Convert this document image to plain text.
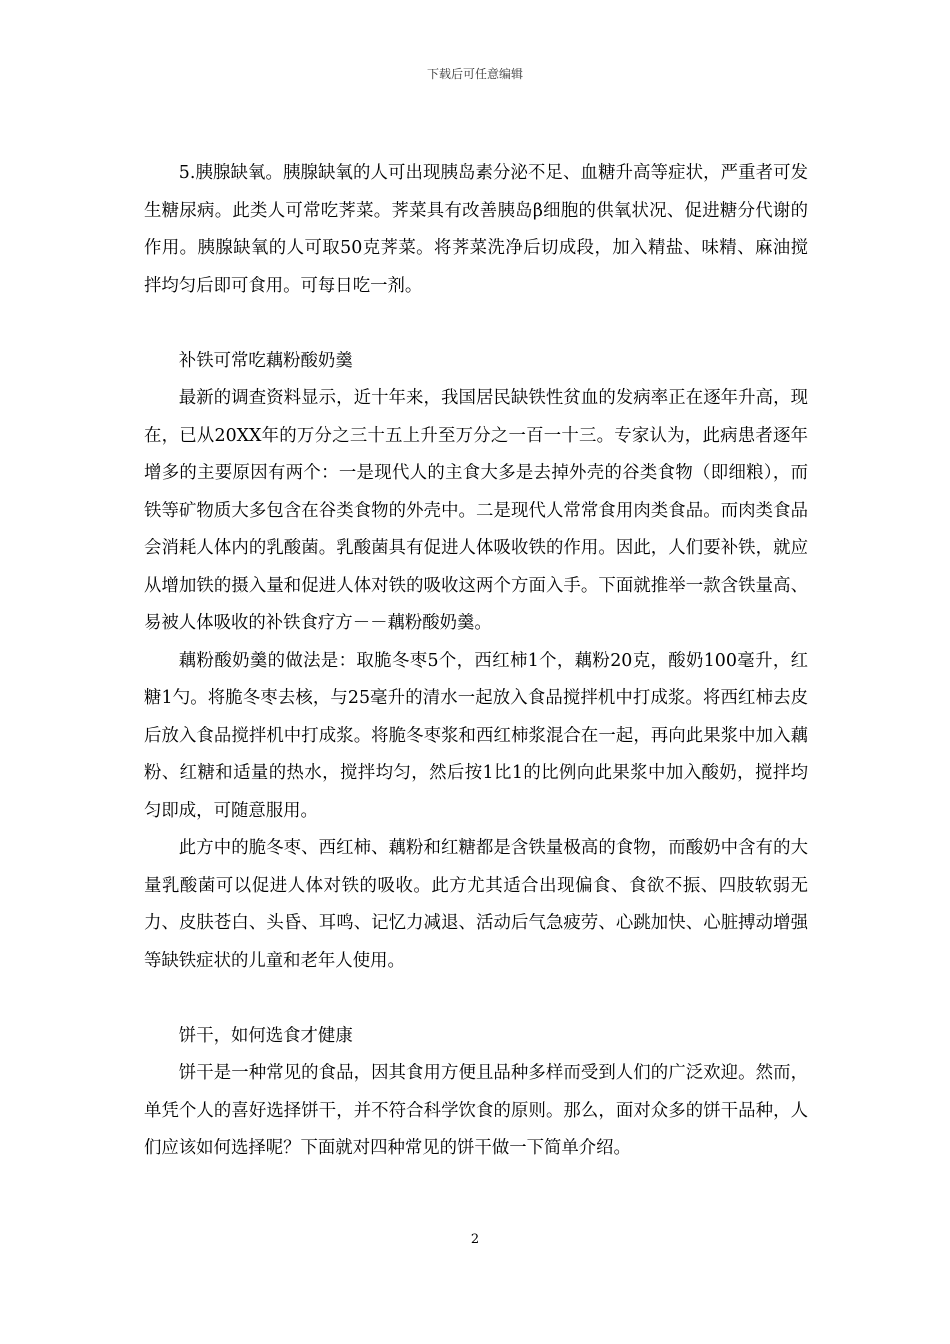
下载后可任意编辑

5.胰腺缺氧。胰腺缺氧的人可出现胰岛素分泌不足、血糖升高等症状，严重者可发生糖尿病。此类人可常吃荠菜。荠菜具有改善胰岛β细胞的供氧状况、促进糖分代谢的作用。胰腺缺氧的人可取50克荠菜。将荠菜洗净后切成段，加入精盐、味精、麻油搅拌均匀后即可食用。可每日吃一剂。

补铁可常吃藕粉酸奶羹

最新的调查资料显示，近十年来，我国居民缺铁性贫血的发病率正在逐年升高，现在，已从20XX年的万分之三十五上升至万分之一百一十三。专家认为，此病患者逐年增多的主要原因有两个：一是现代人的主食大多是去掉外壳的谷类食物（即细粮），而铁等矿物质大多包含在谷类食物的外壳中。二是现代人常常食用肉类食品。而肉类食品会消耗人体内的乳酸菌。乳酸菌具有促进人体吸收铁的作用。因此，人们要补铁，就应从增加铁的摄入量和促进人体对铁的吸收这两个方面入手。下面就推举一款含铁量高、易被人体吸收的补铁食疗方－－藕粉酸奶羹。

藕粉酸奶羹的做法是：取脆冬枣5个，西红柿1个，藕粉20克，酸奶100毫升，红糖1勺。将脆冬枣去核，与25毫升的清水一起放入食品搅拌机中打成浆。将西红柿去皮后放入食品搅拌机中打成浆。将脆冬枣浆和西红柿浆混合在一起，再向此果浆中加入藕粉、红糖和适量的热水，搅拌均匀，然后按1比1的比例向此果浆中加入酸奶，搅拌均匀即成，可随意服用。

此方中的脆冬枣、西红柿、藕粉和红糖都是含铁量极高的食物，而酸奶中含有的大量乳酸菌可以促进人体对铁的吸收。此方尤其适合出现偏食、食欲不振、四肢软弱无力、皮肤苍白、头昏、耳鸣、记忆力减退、活动后气急疲劳、心跳加快、心脏搏动增强等缺铁症状的儿童和老年人使用。

饼干，如何选食才健康

饼干是一种常见的食品，因其食用方便且品种多样而受到人们的广泛欢迎。然而，单凭个人的喜好选择饼干，并不符合科学饮食的原则。那么，面对众多的饼干品种，人们应该如何选择呢？下面就对四种常见的饼干做一下简单介绍。

2
